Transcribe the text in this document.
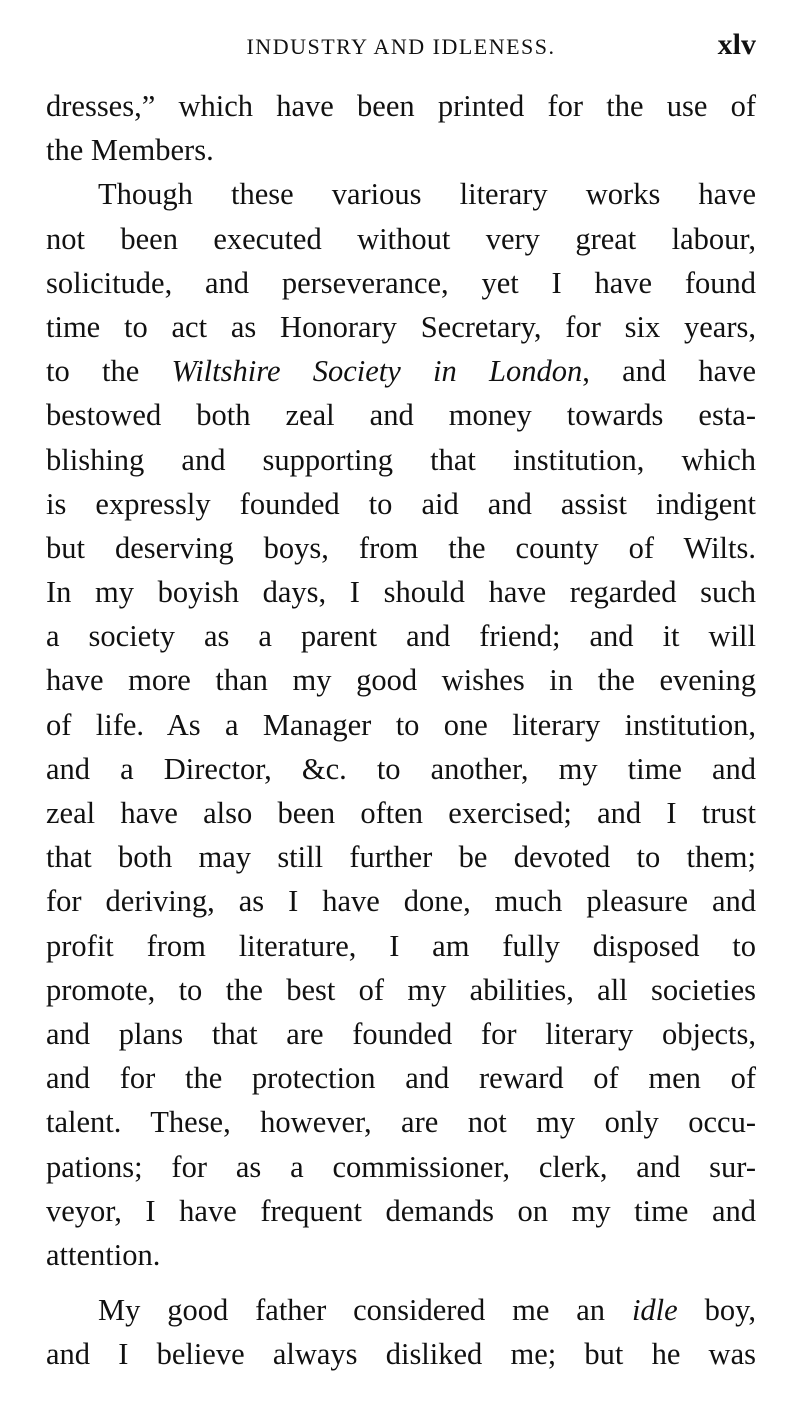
INDUSTRY AND IDLENESS.	xlv
dresses,” which have been printed for the use of
the Members.
Though these various literary works have
not been executed without very great labour,
solicitude, and perseverance, yet I have found
time to act as Honorary Secretary, for six years,
to the Wiltshire Society in London, and have
bestowed both zeal and money towards esta-
blishing and supporting that institution, which
is expressly founded to aid and assist indigent
but deserving boys, from the county of Wilts.
In my boyish days, I should have regarded such
a society as a parent and friend; and it will
have more than my good wishes in the evening
of life. As a Manager to one literary institution,
and a Director, &c. to another, my time and
zeal have also been often exercised; and I trust
that both may still further be devoted to them;
for deriving, as I have done, much pleasure and
profit from literature, I am fully disposed to
promote, to the best of my abilities, all societies
and plans that are founded for literary objects,
and for the protection and reward of men of
talent. These, however, are not my only occu-
pations; for as a commissioner, clerk, and sur-
veyor, I have frequent demands on my time and
attention.
My good father considered me an idle boy,
and I believe always disliked me; but he was
